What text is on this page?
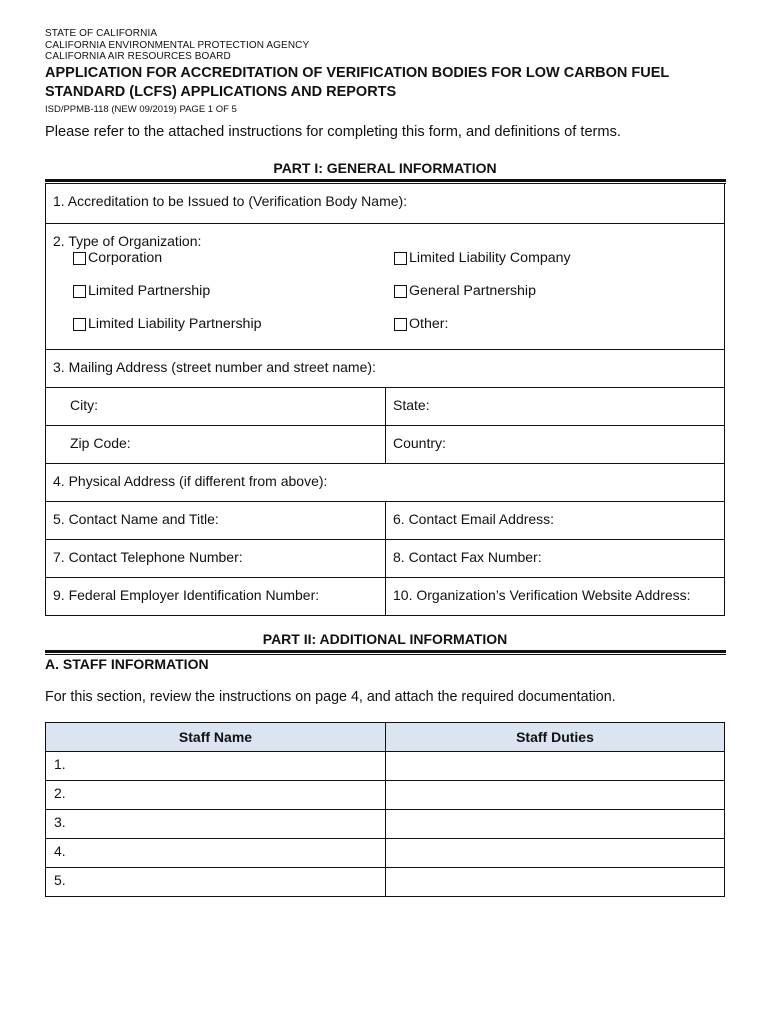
STATE OF CALIFORNIA
CALIFORNIA ENVIRONMENTAL PROTECTION AGENCY
CALIFORNIA AIR RESOURCES BOARD
APPLICATION FOR ACCREDITATION OF VERIFICATION BODIES FOR LOW CARBON FUEL STANDARD (LCFS) APPLICATIONS AND REPORTS
ISD/PPMB-118 (NEW 09/2019) PAGE 1 OF 5
Please refer to the attached instructions for completing this form, and definitions of terms.
PART I: GENERAL INFORMATION
1. Accreditation to be Issued to (Verification Body Name):
2. Type of Organization:
Corporation	Limited Liability Company
Limited Partnership	General Partnership
Limited Liability Partnership	Other:
3. Mailing Address (street number and street name):
City:	State:
Zip Code:	Country:
4. Physical Address (if different from above):
5. Contact Name and Title:	6. Contact Email Address:
7. Contact Telephone Number:	8. Contact Fax Number:
9. Federal Employer Identification Number:	10. Organization’s Verification Website Address:
PART II: ADDITIONAL INFORMATION
A. STAFF INFORMATION
For this section, review the instructions on page 4, and attach the required documentation.
Staff Name	Staff Duties

1.	

2.	

3.	

4.	

5.	
